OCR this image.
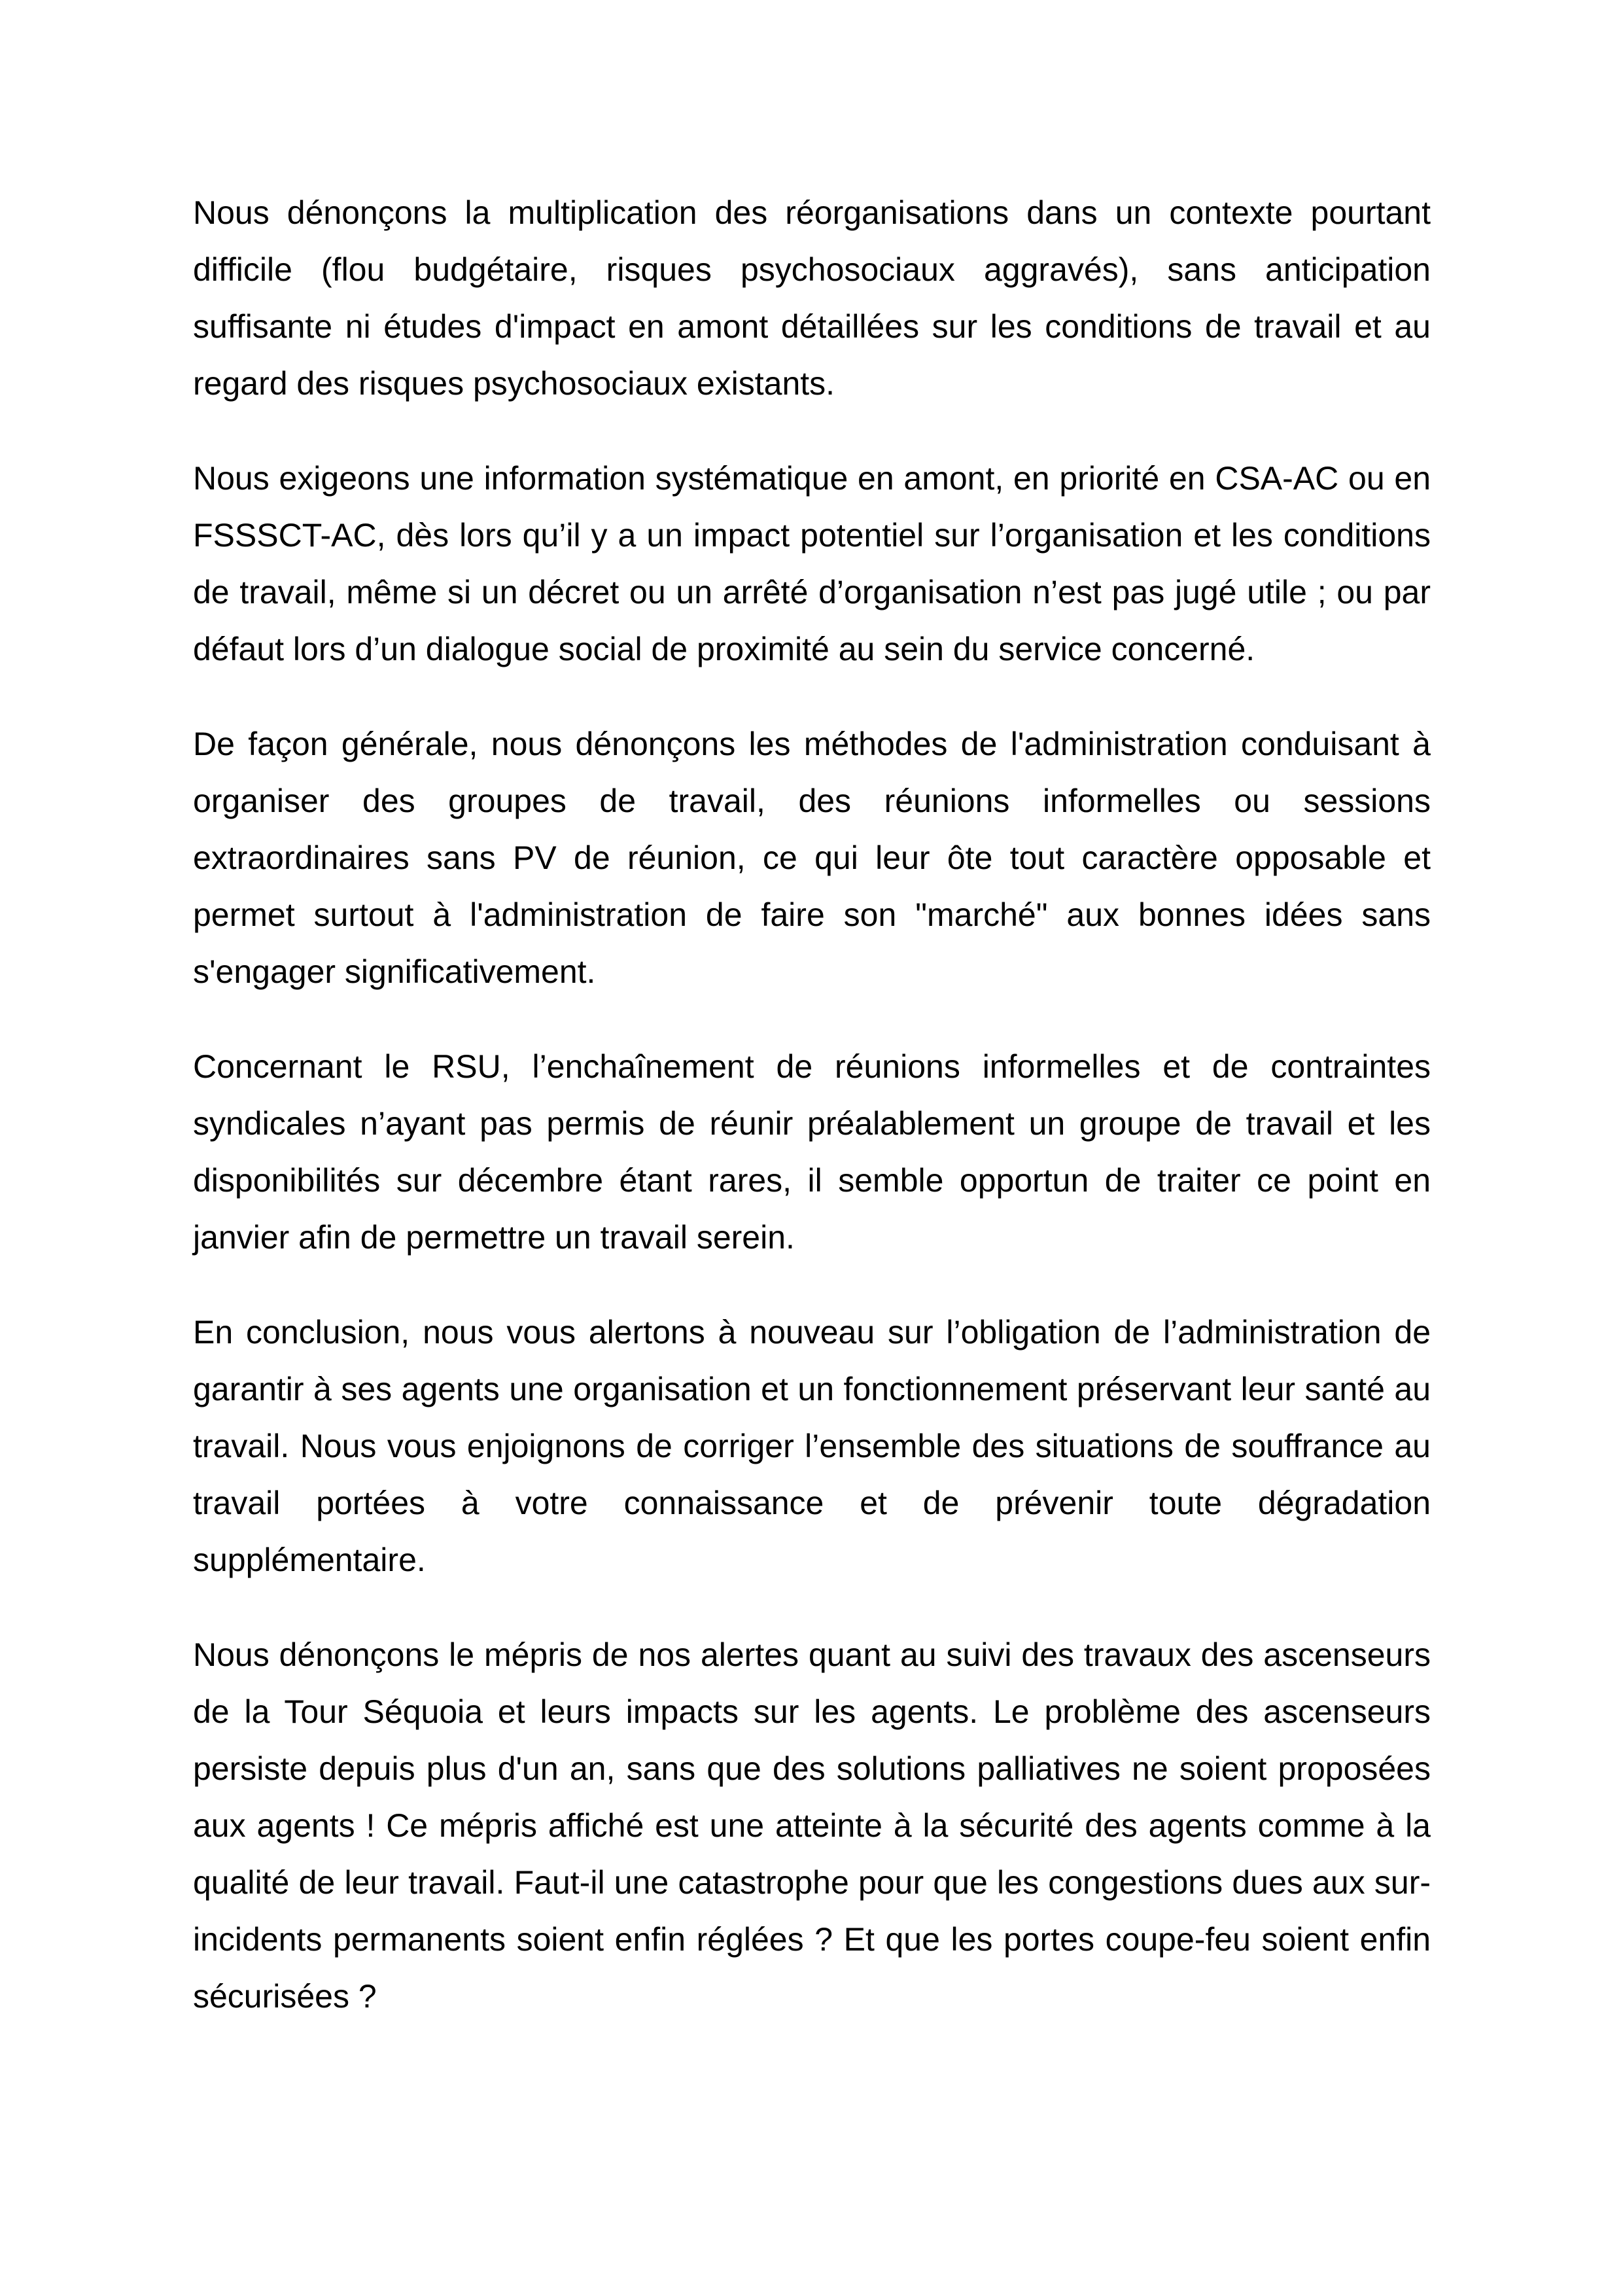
Nous dénonçons la multiplication des réorganisations dans un contexte pourtant difficile (flou budgétaire, risques psychosociaux aggravés), sans anticipation suffisante ni études d'impact en amont détaillées sur les conditions de travail et au regard des risques psychosociaux existants.

Nous exigeons une information systématique en amont, en priorité en CSA-AC ou en FSSSCT-AC, dès lors qu’il y a un impact potentiel sur l’organisation et les conditions de travail, même si un décret ou un arrêté d’organisation n’est pas jugé utile ; ou par défaut lors d’un dialogue social de proximité au sein du service concerné.

De façon générale, nous dénonçons les méthodes de l'administration conduisant à organiser des groupes de travail, des réunions informelles ou sessions extraordinaires sans PV de réunion, ce qui leur ôte tout caractère opposable et permet surtout à l'administration de faire son "marché" aux bonnes idées sans s'engager significativement.

Concernant le RSU, l’enchaînement de réunions informelles et de contraintes syndicales n’ayant pas permis de réunir préalablement un groupe de travail et les disponibilités sur décembre étant rares, il semble opportun de traiter ce point en janvier afin de permettre un travail serein.

En conclusion, nous vous alertons à nouveau sur l’obligation de l’administration de garantir à ses agents une organisation et un fonctionnement préservant leur santé au travail. Nous vous enjoignons de corriger l’ensemble des situations de souffrance au travail portées à votre connaissance et de prévenir toute dégradation supplémentaire.

Nous dénonçons le mépris de nos alertes quant au suivi des travaux des ascenseurs de la Tour Séquoia et leurs impacts sur les agents. Le problème des ascenseurs persiste depuis plus d'un an, sans que des solutions palliatives ne soient proposées aux agents ! Ce mépris affiché est une atteinte à la sécurité des agents comme à la qualité de leur travail. Faut-il une catastrophe pour que les congestions dues aux sur-incidents permanents soient enfin réglées ? Et que les portes coupe-feu soient enfin sécurisées ?
